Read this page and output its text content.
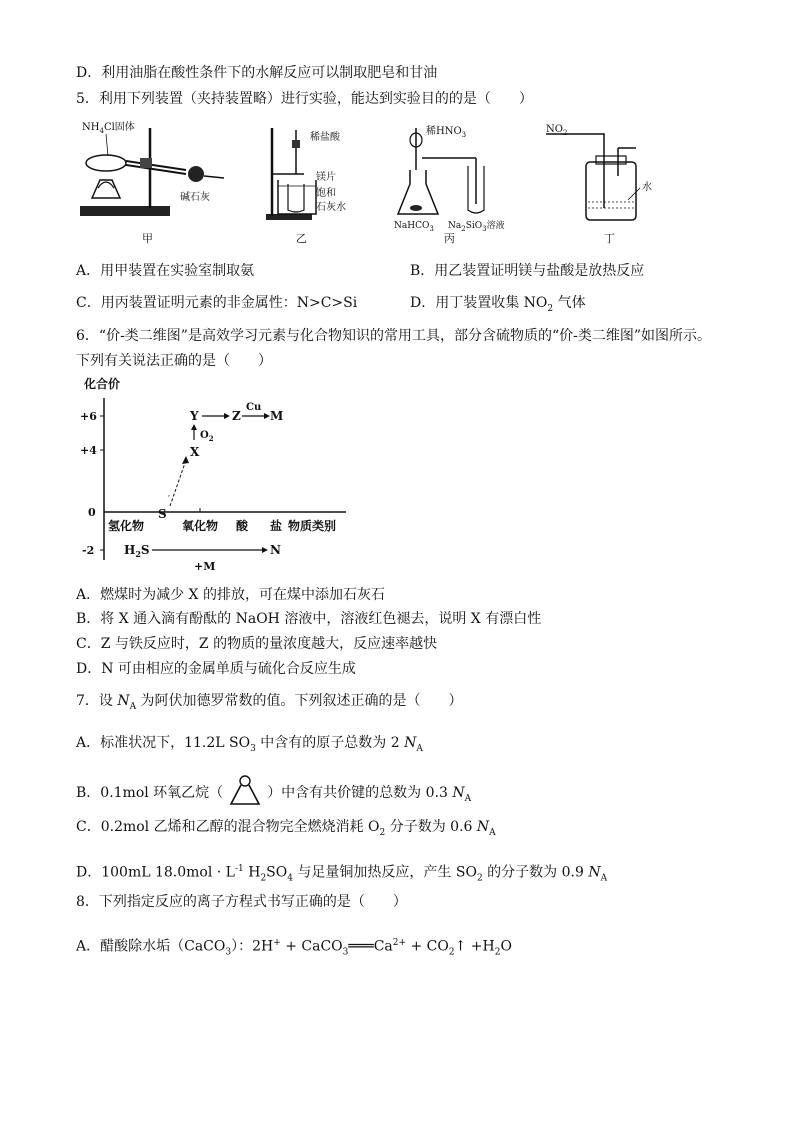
D．利用油脂在酸性条件下的水解反应可以制取肥皂和甘油
5．利用下列装置（夹持装置略）进行实验，能达到实验目的的是（　　）
$NH_4Cl$固体
碱石灰
甲
稀盐酸
镁片
饱和
石灰水
乙
稀$HNO_3$
NaHCO$_3$ $Na_2SiO_3$溶液
丙
$NO_2$
水
丁
A．用甲装置在实验室制取氨	B．用乙装置证明镁与盐酸是放热反应
C．用丙装置证明元素的非金属性：N>C>Si	D．用丁装置收集 $NO_2$ 气体
6．“价-类二维图”是高效学习元素与化合物知识的常用工具，部分含硫物质的“价-类二维图”如图所示。
下列有关说法正确的是（　　）
化合价
+6
+4
0
-2
氢化物	氧化物 酸 盐 物质类别
S
′
X
$O_2$
Y	Z
Cu
M
$H_2S$	N
+M
A．燃煤时为减少 X 的排放，可在煤中添加石灰石
B．将 X 通入滴有酚酞的 NaOH 溶液中，溶液红色褪去，说明 X 有漂白性
C．Z 与铁反应时，Z 的物质的量浓度越大，反应速率越快
D．N 可由相应的金属单质与硫化合反应生成
7．设 $N_A$ 为阿伏加德罗常数的值。下列叙述正确的是（　　）
A．标准状况下，11.2L $SO_3$ 中含有的原子总数为 2 $N_A$
B．0.1mol 环氧乙烷（	）中含有共价键的总数为 0.3 $N_A$
C．0.2mol 乙烯和乙醇的混合物完全燃烧消耗 $O_2$ 分子数为 0.6 $N_A$
D．100mL $18.0mol \cdot L^{-1}$ $H_2SO_4$ 与足量铜加热反应，产生 $SO_2$ 的分子数为 0.9 $N_A$
8．下列指定反应的离子方程式书写正确的是（　　）
A．醋酸除水垢（CaCO$_3$）：$2H^+ + CaCO_3═══Ca^{2+}$ + $CO_2↑ +H_2O$
